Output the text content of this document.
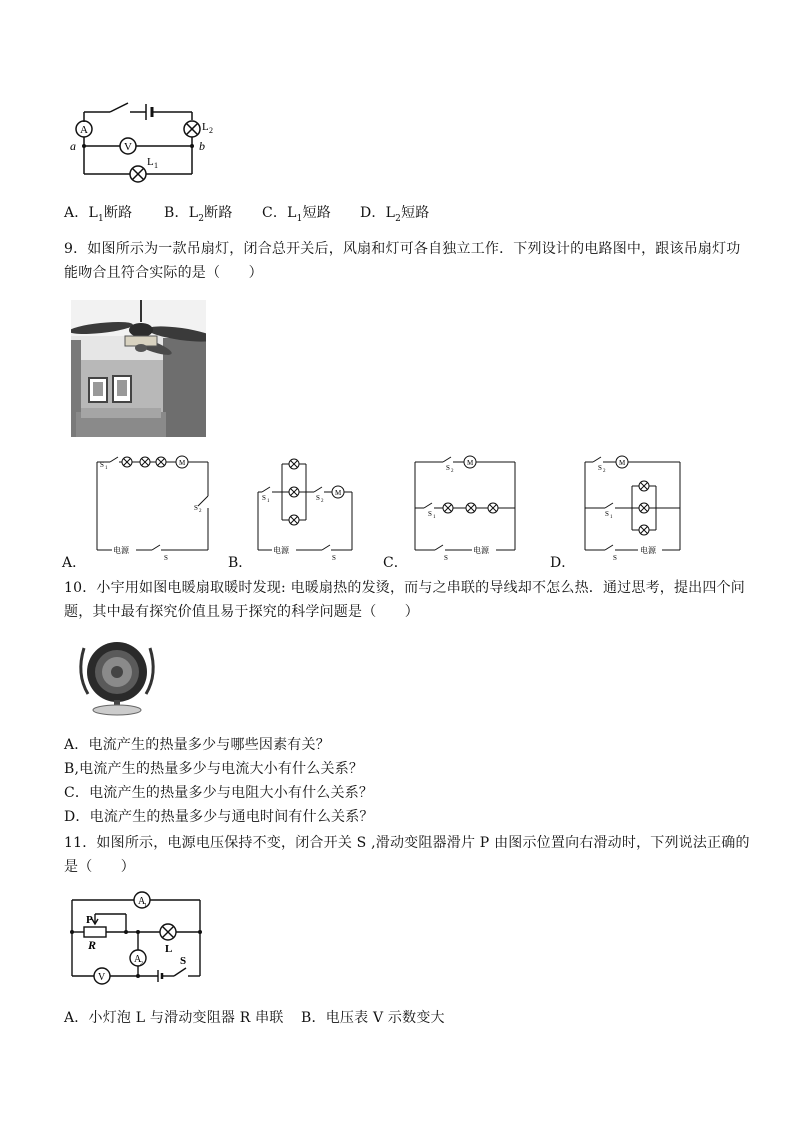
A
V
L 2
L 1
a	b
A．$L_1$断路 B．$L_2$断路 C．$L_1$短路 D．$L_2$短路
9．如图所示为一款吊扇灯，闭合总开关后，风扇和灯可各自独立工作．下列设计的电路图中，跟该吊扇灯功
能吻合且符合实际的是（　　）
S 1
M
S 2
电源
S
S 1	S 2
M
电源
S
S 2
M
S 1
S
电源
S 2
M
S 1
S
电源
A．	B．	C．	D．
10．小宇用如图电暖扇取暖时发现: 电暖扇热的发烫，而与之串联的导线却不怎么热．通过思考，提出四个问
题，其中最有探究价值且易于探究的科学问题是（　　）
A．电流产生的热量多少与哪些因素有关？
B,电流产生的热量多少与电流大小有什么关系？
C．电流产生的热量多少与电阻大小有什么关系？
D．电流产生的热量多少与通电时间有什么关系？
11．如图所示，电源电压保持不变，闭合开关 S ,滑动变阻器滑片 P 由图示位置向右滑动时，下列说法正确的
是（　　）
A
1
A
2
V
P
R	L
S
A．小灯泡 L 与滑动变阻器 R 串联 B．电压表 V 示数变大
